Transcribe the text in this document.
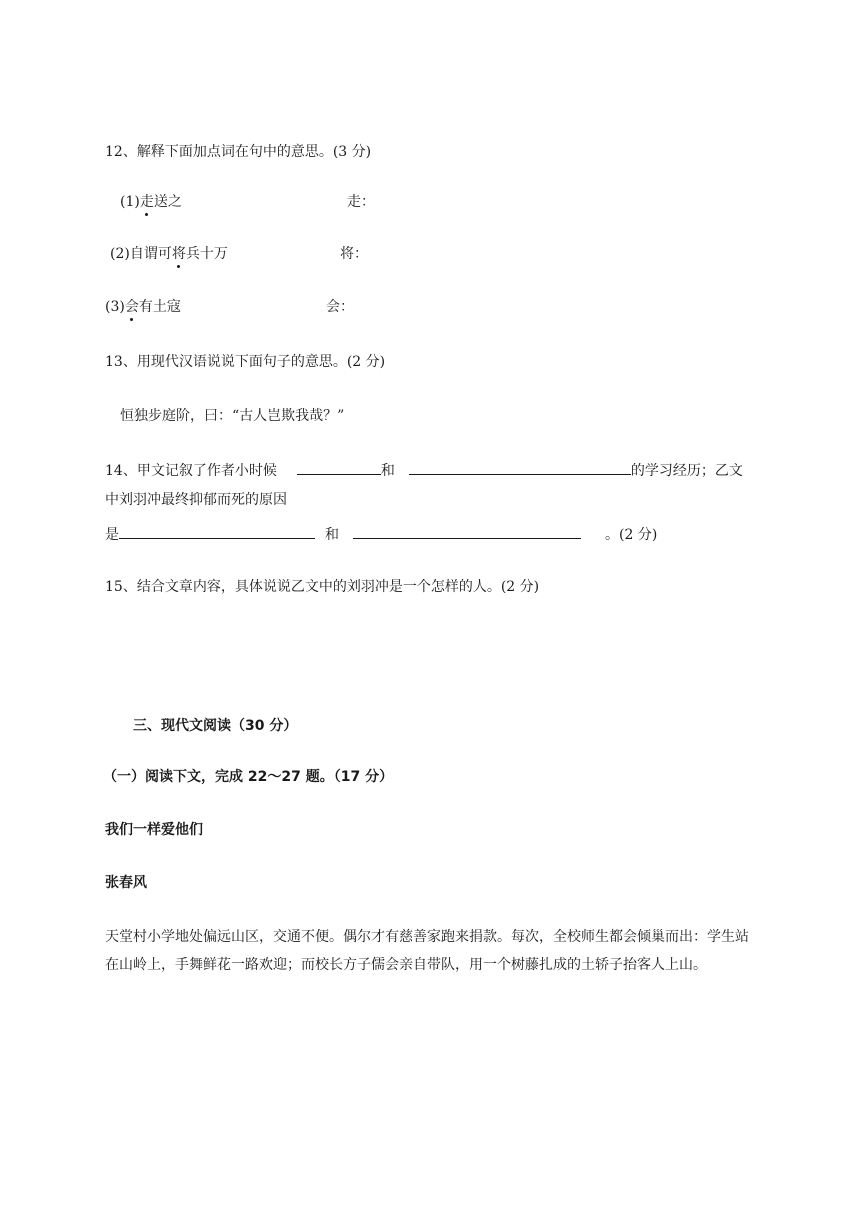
12、解释下面加点词在句中的意思。(3 分)
(1)走送之	走：
(2)自谓可将兵十万	将：
(3)会有土寇	会：
13、用现代汉语说说下面句子的意思。(2 分)
恒独步庭阶，曰：“古人岂欺我哉？”
14、甲文记叙了作者小时候	和	的学习经历；乙文
中刘羽冲最终抑郁而死的原因
是	和	。(2 分)
15、结合文章内容，具体说说乙文中的刘羽冲是一个怎样的人。(2 分)
三、现代文阅读（30 分）
（一）阅读下文，完成 22～27 题。（17 分）
我们一样爱他们
张春风
天堂村小学地处偏远山区，交通不便。偶尔才有慈善家跑来捐款。每次，全校师生都会倾巢而出：学生站在山岭上，手舞鲜花一路欢迎；而校长方子儒会亲自带队，用一个树藤扎成的土轿子抬客人上山。
